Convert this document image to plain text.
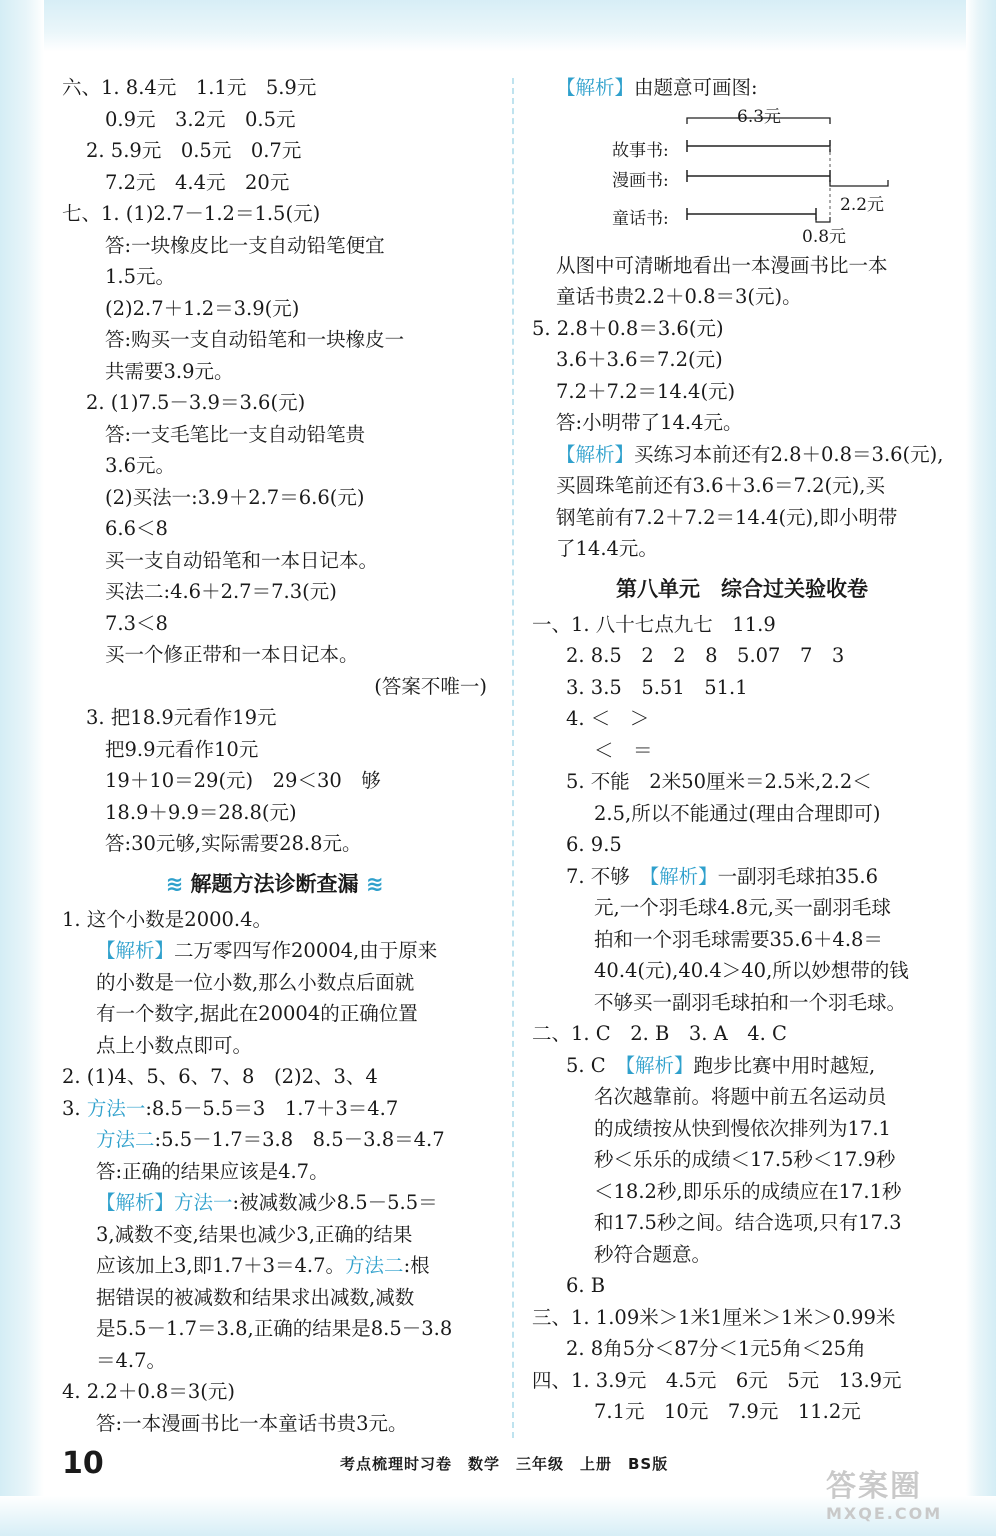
六、1. 8.4元　1.1元　5.9元
0.9元　3.2元　0.5元
2. 5.9元　0.5元　0.7元
7.2元　4.4元　20元
七、1. (1)2.7－1.2＝1.5(元)
答:一块橡皮比一支自动铅笔便宜
1.5元。
(2)2.7＋1.2＝3.9(元)
答:购买一支自动铅笔和一块橡皮一
共需要3.9元。
2. (1)7.5－3.9＝3.6(元)
答:一支毛笔比一支自动铅笔贵
3.6元。
(2)买法一:3.9＋2.7＝6.6(元)
6.6＜8
买一支自动铅笔和一本日记本。
买法二:4.6＋2.7＝7.3(元)
7.3＜8
买一个修正带和一本日记本。
(答案不唯一)
3. 把18.9元看作19元
把9.9元看作10元
19＋10＝29(元)　29＜30　够
18.9＋9.9＝28.8(元)
答:30元够,实际需要28.8元。
≋ 解题方法诊断查漏 ≋
1. 这个小数是2000.4。
【解析】二万零四写作20004,由于原来
的小数是一位小数,那么小数点后面就
有一个数字,据此在20004的正确位置
点上小数点即可。
2. (1)4、5、6、7、8　(2)2、3、4
3. 方法一:8.5－5.5＝3　1.7＋3＝4.7
方法二:5.5－1.7＝3.8　8.5－3.8＝4.7
答:正确的结果应该是4.7。
【解析】方法一:被减数减少8.5－5.5＝
3,减数不变,结果也减少3,正确的结果
应该加上3,即1.7＋3＝4.7。方法二:根
据错误的被减数和结果求出减数,减数
是5.5－1.7＝3.8,正确的结果是8.5－3.8
＝4.7。
4. 2.2＋0.8＝3(元)
答:一本漫画书比一本童话书贵3元。
【解析】由题意可画图:
6.3元
故事书:
漫画书:
2.2元
童话书:
0.8元
从图中可清晰地看出一本漫画书比一本
童话书贵2.2＋0.8＝3(元)。
5. 2.8＋0.8＝3.6(元)
3.6＋3.6＝7.2(元)
7.2＋7.2＝14.4(元)
答:小明带了14.4元。
【解析】买练习本前还有2.8＋0.8＝3.6(元),
买圆珠笔前还有3.6＋3.6＝7.2(元),买
钢笔前有7.2＋7.2＝14.4(元),即小明带
了14.4元。
第八单元　综合过关验收卷
一、1. 八十七点九七　11.9
2. 8.5　2　2　8　5.07　7　3
3. 3.5　5.51　51.1
4. ＜　＞
＜　＝
5. 不能　2米50厘米＝2.5米,2.2＜
2.5,所以不能通过(理由合理即可)
6. 9.5
7. 不够　【解析】一副羽毛球拍35.6
元,一个羽毛球4.8元,买一副羽毛球
拍和一个羽毛球需要35.6＋4.8＝
40.4(元),40.4＞40,所以妙想带的钱
不够买一副羽毛球拍和一个羽毛球。
二、1. C　2. B　3. A　4. C
5. C　【解析】跑步比赛中用时越短,
名次越靠前。将题中前五名运动员
的成绩按从快到慢依次排列为17.1
秒＜乐乐的成绩＜17.5秒＜17.9秒
＜18.2秒,即乐乐的成绩应在17.1秒
和17.5秒之间。结合选项,只有17.3
秒符合题意。
6. B
三、1. 1.09米＞1米1厘米＞1米＞0.99米
2. 8角5分＜87分＜1元5角＜25角
四、1. 3.9元　4.5元　6元　5元　13.9元
7.1元　10元　7.9元　11.2元
10	考点梳理时习卷　数学　三年级　上册　BS版
答案圈
MXQE.COM
